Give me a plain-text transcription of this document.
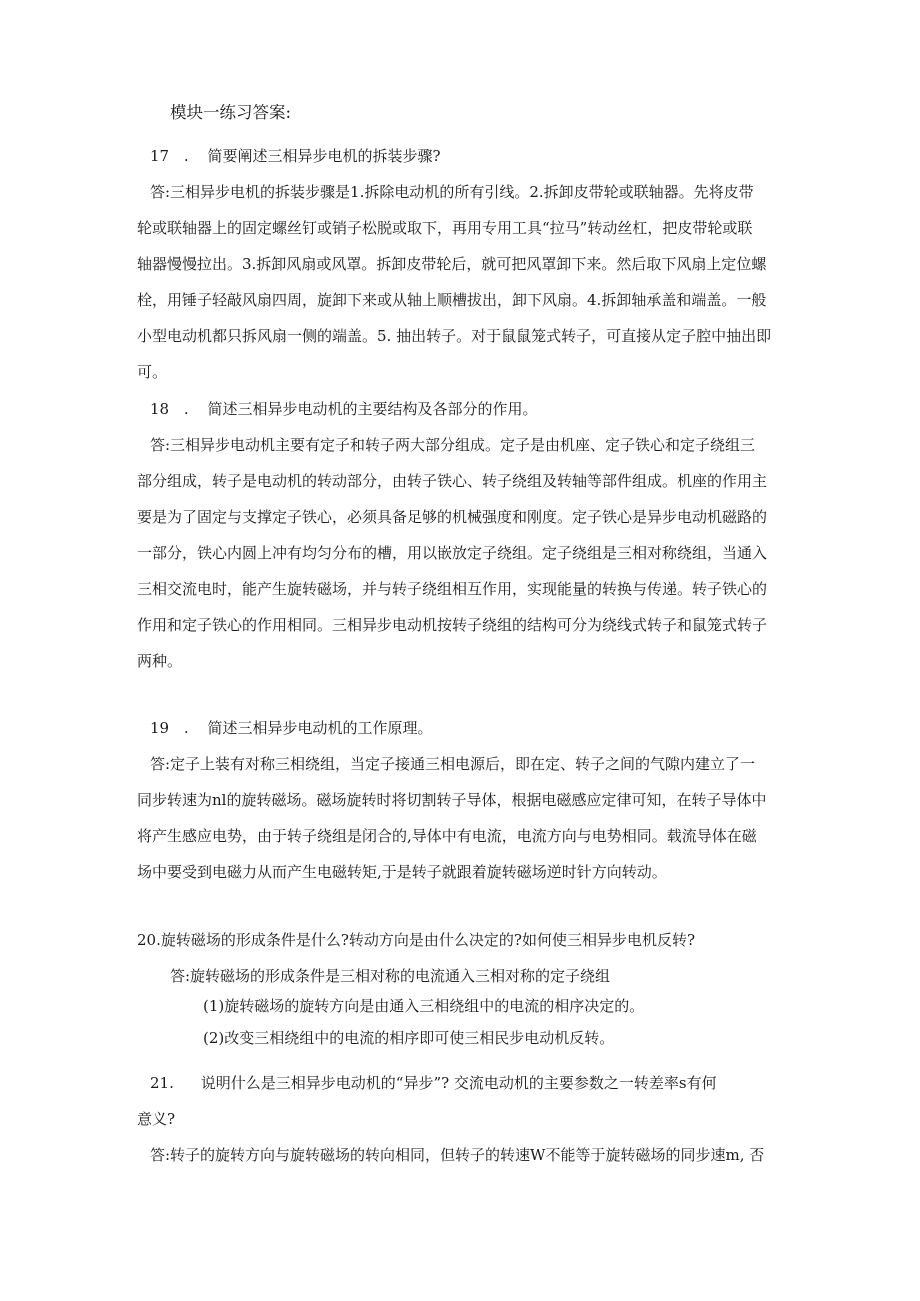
模块一练习答案:
17 . 简要阐述三相异步电机的拆装步骤?
答:三相异步电机的拆装步骤是1.拆除电动机的所有引线。2.拆卸皮带轮或联轴器。先将皮带
轮或联轴器上的固定螺丝钉或销子松脱或取下，再用专用工具“拉马”转动丝杠，把皮带轮或联
轴器慢慢拉出。3.拆卸风扇或风罩。拆卸皮带轮后，就可把风罩卸下来。然后取下风扇上定位螺
栓，用锤子轻敲风扇四周，旋卸下来或从轴上顺槽拔出，卸下风扇。4.拆卸轴承盖和端盖。一般
小型电动机都只拆风扇一侧的端盖。5. 抽出转子。对于鼠鼠笼式转子，可直接从定子腔中抽出即
可。
18 . 简述三相异步电动机的主要结构及各部分的作用。
答:三相异步电动机主要有定子和转子两大部分组成。定子是由机座、定子铁心和定子绕组三
部分组成，转子是电动机的转动部分，由转子铁心、转子绕组及转轴等部件组成。机座的作用主
要是为了固定与支撑定子铁心，必须具备足够的机械强度和刚度。定子铁心是异步电动机磁路的
一部分，铁心内圆上冲有均匀分布的槽，用以嵌放定子绕组。定子绕组是三相对称绕组，当通入
三相交流电时，能产生旋转磁场，并与转子绕组相互作用，实现能量的转换与传递。转子铁心的
作用和定子铁心的作用相同。三相异步电动机按转子绕组的结构可分为绕线式转子和鼠笼式转子
两种。
19 . 简述三相异步电动机的工作原理。
答:定子上装有对称三相绕组，当定子接通三相电源后，即在定、转子之间的气隙内建立了一
同步转速为nl的旋转磁场。磁场旋转时将切割转子导体，根据电磁感应定律可知，在转子导体中
将产生感应电势，由于转子绕组是闭合的,导体中有电流，电流方向与电势相同。载流导体在磁
场中要受到电磁力从而产生电磁转矩,于是转子就跟着旋转磁场逆时针方向转动。
20.旋转磁场的形成条件是什么?转动方向是由什么决定的?如何使三相异步电机反转?
答:旋转磁场的形成条件是三相对称的电流通入三相对称的定子绕组
(1)旋转磁场的旋转方向是由通入三相绕组中的电流的相序决定的。
(2)改变三相绕组中的电流的相序即可使三相民步电动机反转。
21. 说明什么是三相异步电动机的“异步”? 交流电动机的主要参数之一转差率s有何
意义?
答:转子的旋转方向与旋转磁场的转向相同，但转子的转速W不能等于旋转磁场的同步速m, 否
